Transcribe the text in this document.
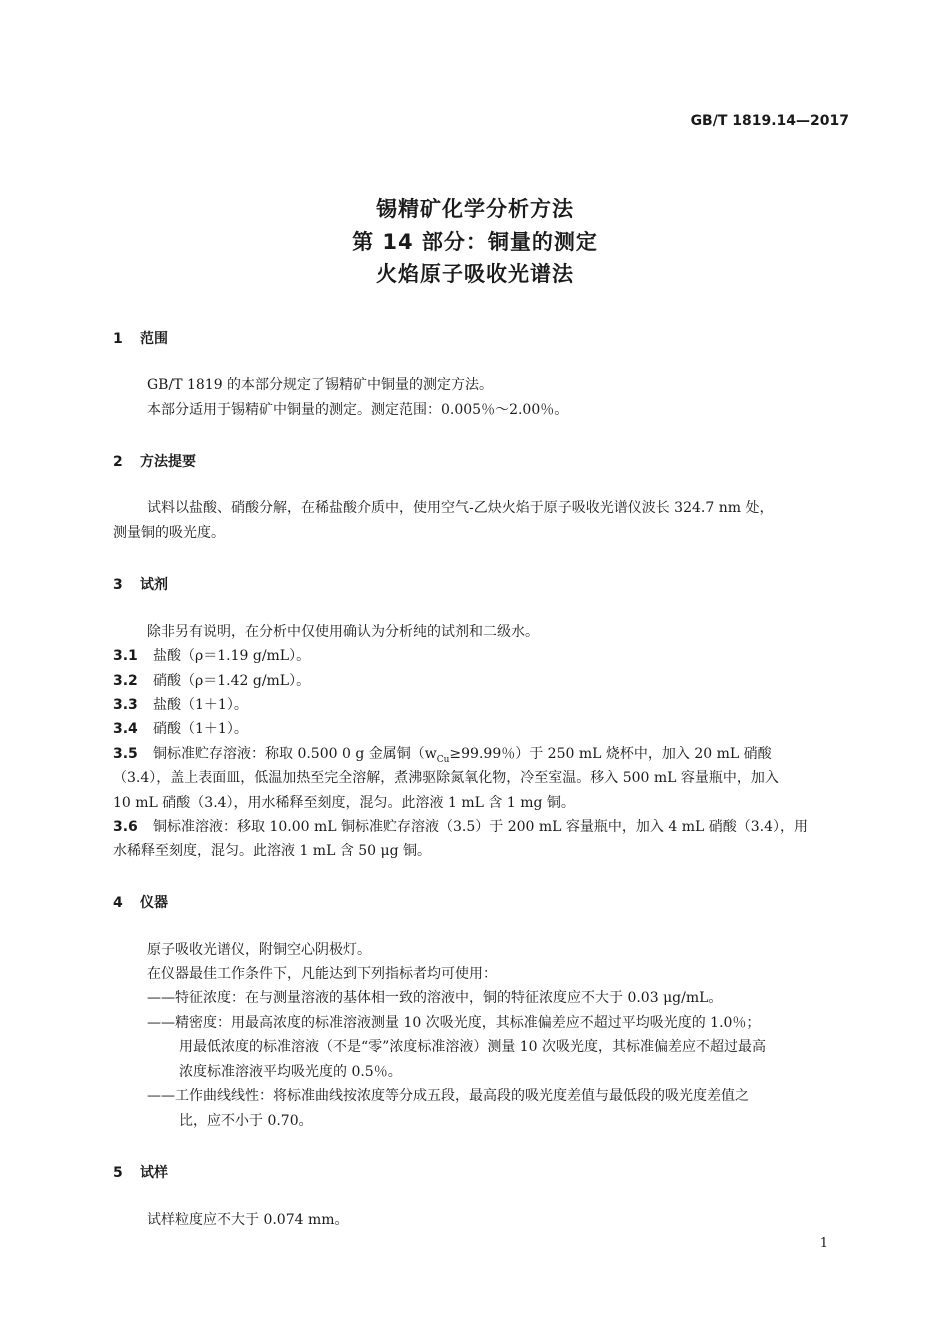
GB/T 1819.14—2017
锡精矿化学分析方法
第 14 部分：铜量的测定
火焰原子吸收光谱法
1 范围
GB/T 1819 的本部分规定了锡精矿中铜量的测定方法。
本部分适用于锡精矿中铜量的测定。测定范围：0.005％～2.00％。
2 方法提要
试料以盐酸、硝酸分解，在稀盐酸介质中，使用空气-乙炔火焰于原子吸收光谱仪波长 324.7 nm 处，
测量铜的吸光度。
3 试剂
除非另有说明，在分析中仅使用确认为分析纯的试剂和二级水。
3.1 盐酸（ρ＝1.19 g/mL）。
3.2 硝酸（ρ＝1.42 g/mL）。
3.3 盐酸（1＋1）。
3.4 硝酸（1＋1）。
3.5 铜标准贮存溶液：称取 0.500 0 g 金属铜（$w_{Cu}\ge 99.99$％）于 250 mL 烧杯中，加入 20 mL 硝酸
（3.4），盖上表面皿，低温加热至完全溶解，煮沸驱除氮氧化物，冷至室温。移入 500 mL 容量瓶中，加入
10 mL 硝酸（3.4），用水稀释至刻度，混匀。此溶液 1 mL 含 1 mg 铜。
3.6 铜标准溶液：移取 10.00 mL 铜标准贮存溶液（3.5）于 200 mL 容量瓶中，加入 4 mL 硝酸（3.4），用
水稀释至刻度，混匀。此溶液 1 mL 含 50 μg 铜。
4 仪器
原子吸收光谱仪，附铜空心阴极灯。
在仪器最佳工作条件下，凡能达到下列指标者均可使用：
——特征浓度：在与测量溶液的基体相一致的溶液中，铜的特征浓度应不大于 0.03 μg/mL。
——精密度：用最高浓度的标准溶液测量 10 次吸光度，其标准偏差应不超过平均吸光度的 1.0％；
用最低浓度的标准溶液（不是“零”浓度标准溶液）测量 10 次吸光度，其标准偏差应不超过最高
浓度标准溶液平均吸光度的 0.5％。
——工作曲线线性：将标准曲线按浓度等分成五段，最高段的吸光度差值与最低段的吸光度差值之
比，应不小于 0.70。
5 试样
试样粒度应不大于 0.074 mm。
1
